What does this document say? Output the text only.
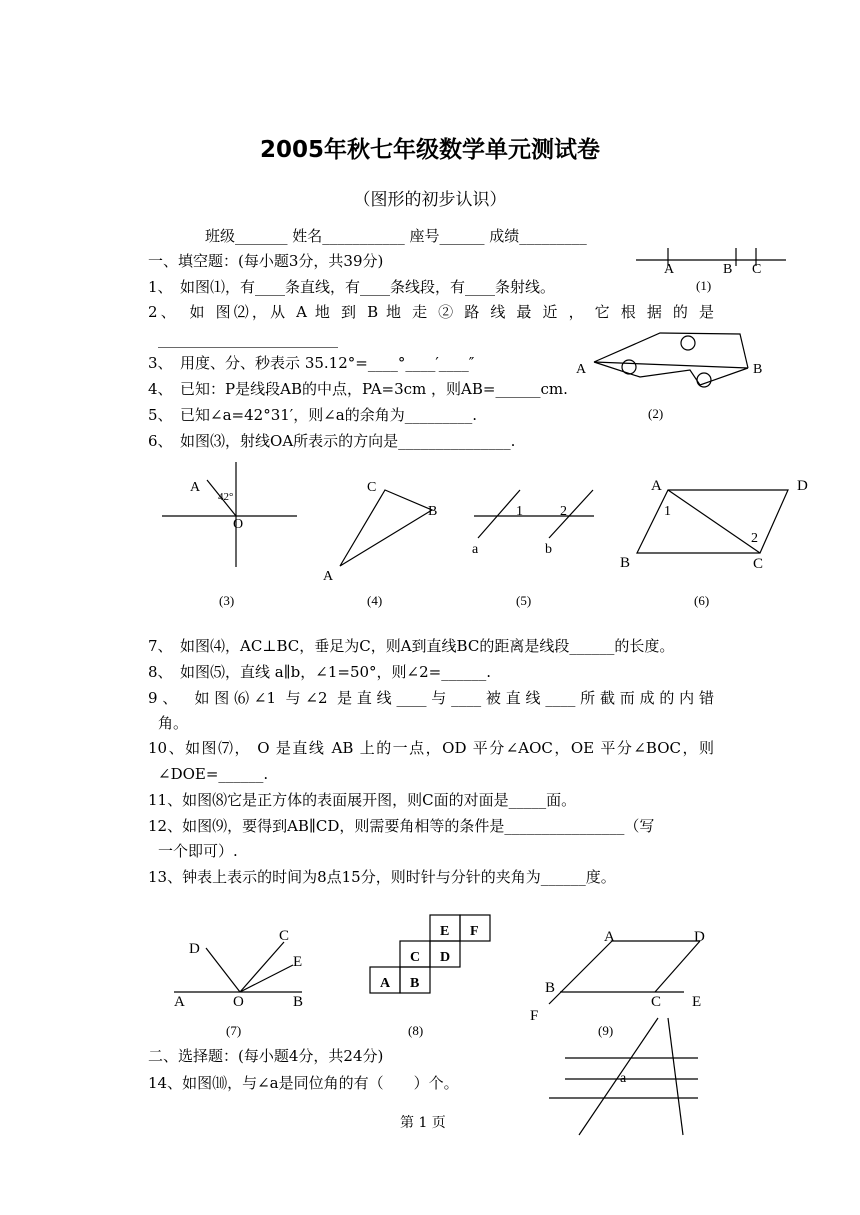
2005年秋七年级数学单元测试卷
（图形的初步认识）
班级_______ 姓名___________ 座号______ 成绩_________
一、填空题：(每小题3分，共39分)
1、　如图⑴，有____条直线，有____条线段，有____条射线。
2、　如 图⑵，从 A 地 到 B 地 走 ② 路 线 最 近 ， 它 根 据 的 是
________________________
3、　用度、分、秒表示 35.12°=____°____′____″
4、　已知：P是线段AB的中点，PA=3cm ，则AB=______cm.
5、　已知∠a=42°31′，则∠a的余角为_________.
6、　如图⑶，射线OA所表示的方向是_______________.
7、　如图⑷，AC⊥BC，垂足为C，则A到直线BC的距离是线段______的长度。
8、　如图⑸，直线 a∥b，∠1=50°，则∠2=______.
9、　如图⑹∠1 与∠2 是直线____与____被直线____所截而成的内错
角。
10、如图⑺， O 是直线 AB 上的一点，OD 平分∠AOC，OE 平分∠BOC，则
∠DOE=______.
11、如图⑻它是正方体的表面展开图，则C面的对面是_____面。
12、如图⑼，要得到AB∥CD，则需要角相等的条件是________________（写
一个即可）.
13、钟表上表示的时间为8点15分，则时针与分针的夹角为______度。
二、选择题：(每小题4分，共24分)
14、如图⑽，与∠a是同位角的有（　　）个。
第 1 页
A	B C
(1)
A	B
(2)
A
O
42°
(3)
C
B
A
(4)
1	2
a	b
(5)
A	D
B	C
1
2
(6)
D
C
E
A	O	B
(7)
E F
C D
A B
(8)
A	D
B
C E
F
(9)
a
